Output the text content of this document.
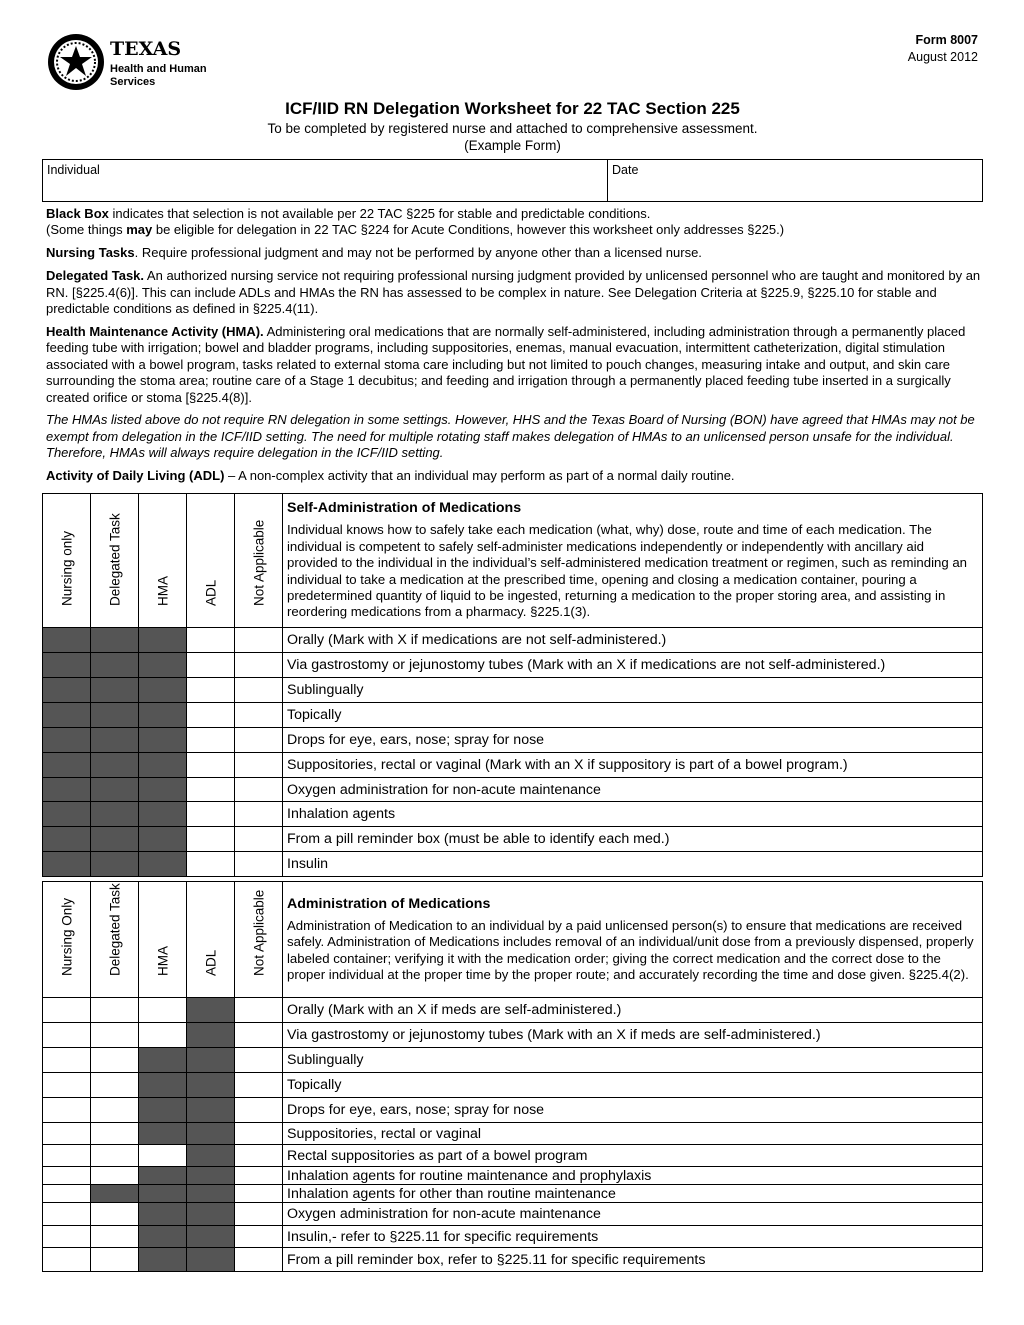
TEXAS
Health and Human
Services
Form 8007
August 2012
ICF/IID RN Delegation Worksheet for 22 TAC Section 225
To be completed by registered nurse and attached to comprehensive assessment.
(Example Form)
Individual	Date

Black Box indicates that selection is not available per 22 TAC §225 for stable and predictable conditions.
(Some things may be eligible for delegation in 22 TAC §224 for Acute Conditions, however this worksheet only addresses §225.)

Nursing Tasks. Require professional judgment and may not be performed by anyone other than a licensed nurse.

Delegated Task. An authorized nursing service not requiring professional nursing judgment provided by unlicensed personnel who are taught and monitored by an RN. [§225.4(6)]. This can include ADLs and HMAs the RN has assessed to be complex in nature. See Delegation Criteria at §225.9, §225.10 for stable and predictable conditions as defined in §225.4(11).

Health Maintenance Activity (HMA). Administering oral medications that are normally self-administered, including administration through a permanently placed feeding tube with irrigation; bowel and bladder programs, including suppositories, enemas, manual evacuation, intermittent catheterization, digital stimulation associated with a bowel program, tasks related to external stoma care including but not limited to pouch changes, measuring intake and output, and skin care surrounding the stoma area; routine care of a Stage 1 decubitus; and feeding and irrigation through a permanently placed feeding tube inserted in a surgically created orifice or stoma [§225.4(8)].

The HMAs listed above do not require RN delegation in some settings. However, HHS and the Texas Board of Nursing (BON) have agreed that HMAs may not be exempt from delegation in the ICF/IID setting. The need for multiple rotating staff makes delegation of HMAs to an unlicensed person unsafe for the individual. Therefore, HMAs will always require delegation in the ICF/IID setting.

Activity of Daily Living (ADL) – A non-complex activity that an individual may perform as part of a normal daily routine.

Nursing only	Delegated Task	HMA	ADL	Not Applicable	Self-Administration of Medications

Individual knows how to safely take each medication (what, why) dose, route and time of each medication. The individual is competent to safely self-administer medications independently or independently with ancillary aid provided to the individual in the individual’s self-administered medication treatment or regimen, such as reminding an individual to take a medication at the prescribed time, opening and closing a medication container, pouring a predetermined quantity of liquid to be ingested, returning a medication to the proper storing area, and assisting in reordering medications from a pharmacy. §225.1(3).

					Orally (Mark with X if medications are not self-administered.)
					Via gastrostomy or jejunostomy tubes (Mark with an X if medications are not self-administered.)
					Sublingually
					Topically
					Drops for eye, ears, nose; spray for nose
					Suppositories, rectal or vaginal (Mark with an X if suppository is part of a bowel program.)
					Oxygen administration for non-acute maintenance
					Inhalation agents
					From a pill reminder box (must be able to identify each med.)
					Insulin
Nursing Only	Delegated Task	HMA	ADL	Not Applicable	Administration of Medications

Administration of Medication to an individual by a paid unlicensed person(s) to ensure that medications are received safely. Administration of Medications includes removal of an individual/unit dose from a previously dispensed, properly labeled container; verifying it with the medication order; giving the correct medication and the correct dose to the proper individual at the proper time by the proper route; and accurately recording the time and dose given. §225.4(2).

					Orally (Mark with an X if meds are self-administered.)
					Via gastrostomy or jejunostomy tubes (Mark with an X if meds are self-administered.)
					Sublingually
					Topically
					Drops for eye, ears, nose; spray for nose
					Suppositories, rectal or vaginal
					Rectal suppositories as part of a bowel program
					Inhalation agents for routine maintenance and prophylaxis
					Inhalation agents for other than routine maintenance
					Oxygen administration for non-acute maintenance
					Insulin,- refer to §225.11 for specific requirements
					From a pill reminder box, refer to §225.11 for specific requirements
